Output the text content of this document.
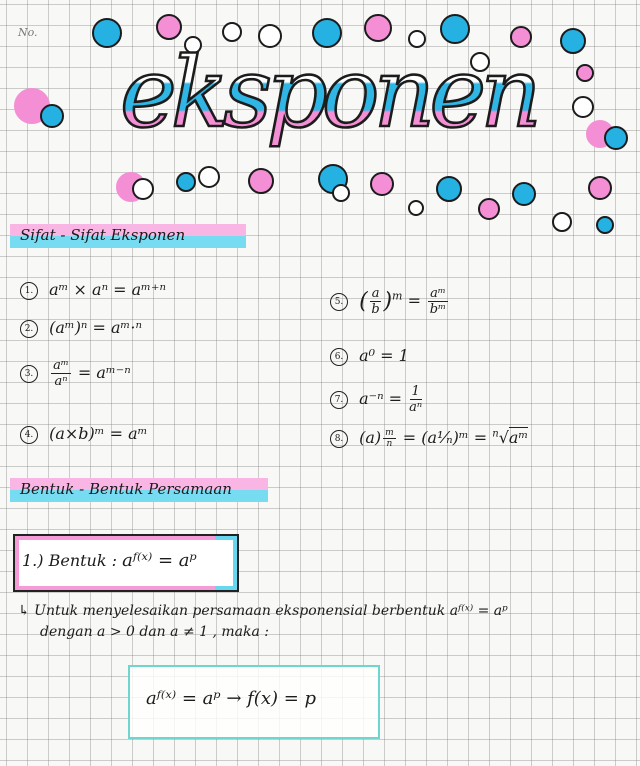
No.
eksponen
Sifat - Sifat Eksponen
1. aᵐ × aⁿ = aᵐ⁺ⁿ
2. (aᵐ)ⁿ = aᵐ·ⁿ
3. $\frac{\text{aᵐ}}{\text{aⁿ}}$ = aᵐ⁻ⁿ
4. (a×b)ᵐ = aᵐ
5. ( $\frac{a}{b} )^m = \frac{\text{aᵐ}}{\text{bᵐ}}$
6. a⁰ = 1
7. $a^{-n} = \frac{1}{\text{aⁿ}}$
8. $(a) \frac{m}{n}$ = (a¹⁄ₙ)ᵐ = $^n$√aᵐ
Bentuk - Bentuk Persamaan
1.) Bentuk : aᶠ⁽ˣ⁾ = aᵖ
↳ Untuk menyelesaikan persamaan eksponensial berbentuk aᶠ⁽ˣ⁾ = aᵖ
dengan a > 0 dan a ≠ 1 , maka :
aᶠ⁽ˣ⁾ = aᵖ → f(x) = p
